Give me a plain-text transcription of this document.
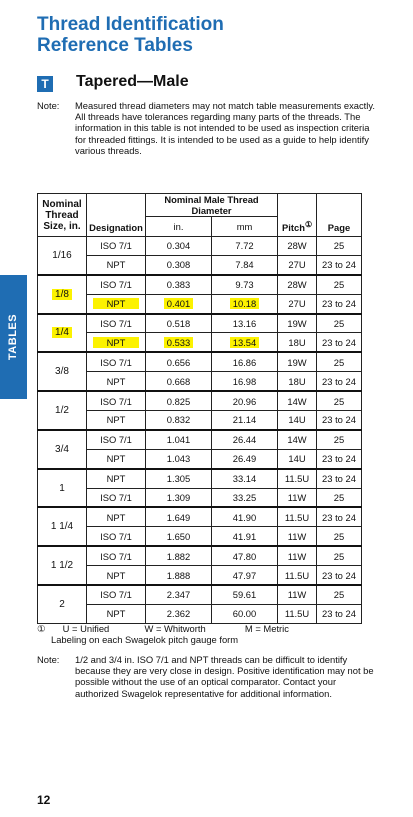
Thread Identification
Reference Tables
T Tapered—Male
Note: Measured thread diameters may not match table measurements exactly. All threads have tolerances regarding many parts of the threads. The information in this table is not intended to be used as inspection criteria for threaded fittings. It is intended to be used as a guide to help identify various threads.
TABLES
Nominal Thread Size, in.	Designation	Nominal Male Thread Diameter		Pitch①	Page
		in.	mm		
1/16	ISO 7/1	0.304	7.72	28W	25
	NPT	0.308	7.84	27U	23 to 24
1/8	ISO 7/1	0.383	9.73	28W	25

	NPT	0.401	10.18	27U	23 to 24
1/4	ISO 7/1	0.518	13.16	19W	25

	NPT	0.533	13.54	18U	23 to 24
3/8	ISO 7/1	0.656	16.86	19W	25
	NPT	0.668	16.98	18U	23 to 24
1/2	ISO 7/1	0.825	20.96	14W	25
	NPT	0.832	21.14	14U	23 to 24
3/4	ISO 7/1	1.041	26.44	14W	25
	NPT	1.043	26.49	14U	23 to 24
1	NPT	1.305	33.14	11.5U	23 to 24
	ISO 7/1	1.309	33.25	11W	25
1 1/4	NPT	1.649	41.90	11.5U	23 to 24
	ISO 7/1	1.650	41.91	11W	25
1 1/2	ISO 7/1	1.882	47.80	11W	25
	NPT	1.888	47.97	11.5U	23 to 24
2	ISO 7/1	2.347	59.61	11W	25
	NPT	2.362	60.00	11.5U	23 to 24
① U = Unified	W = Whitworth	M = Metric
Labeling on each Swagelok pitch gauge form
Note: 1/2 and 3/4 in. ISO 7/1 and NPT threads can be difficult to identify because they are very close in design. Positive identification may not be possible without the use of an optical comparator. Contact your authorized Swagelok representative for additional information.
12
